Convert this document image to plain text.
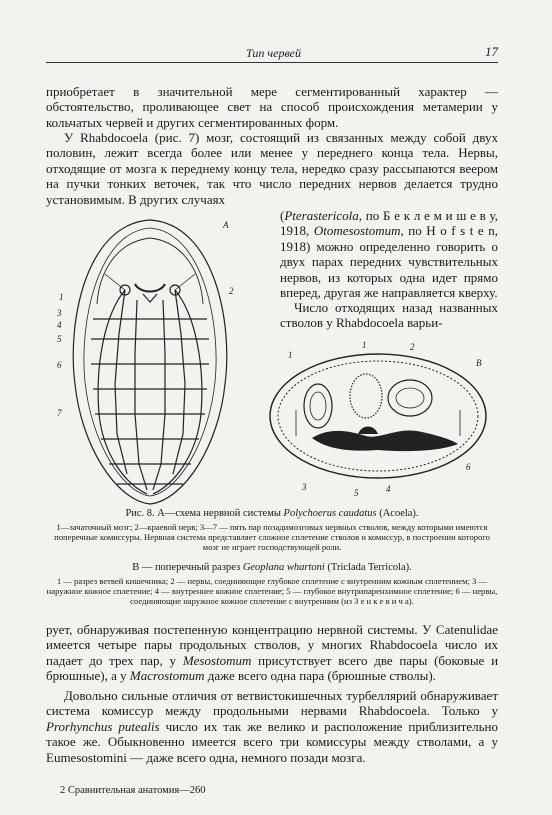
Тип червей	17

приобретает в значительной мере сегментированный характер — обстоятельство, проливающее свет на способ происхождения метамерии у кольчатых червей и других сегментированных форм.

У Rhabdocoela (рис. 7) мозг, состоящий из связанных между собой двух половин, лежит всегда более или менее у переднего конца тела. Нервы, отходящие от мозга к переднему концу тела, нередко сразу рассыпаются веером на пучки тонких веточек, так что число передних нервов делается трудно установимым. В других случаях

(Pterastericola, по Б е к л е м и ш е в у, 1918, Otomesostomum, по H o f s t e n, 1918) можно определенно говорить о двух парах передних чувствительных нервов, из которых одна идет прямо вперед, другая же направляется кверху.

Число отходящих назад названных стволов у Rhabdocoela варьи-

А
1
2
3
4
5
6
7
В
1
1	2
3	4
5
6

Рис. 8. А—схема нервной системы Polychoerus caudatus (Acoela).

1—зачаточный мозг; 2—краевой нерв; 3—7 — пять пар позадимозговых нервных стволов, между которыми имеются поперечные комиссуры. Нервная система представляет сложное сплетение стволов и комиссур, в построении которого мозг не играет господствующей роли.

В — поперечный разрез Geoplana whartoni (Triclada Terricola).

1 — разрез ветвей кишечника; 2 — нервы, соединяющие глубокое сплетение с внутренним кожным сплетением; 3 — наружное кожное сплетение; 4 — внутреннее кожное сплетение; 5 — глубокое внутрипаренхимное сплетение; 6 — нервы, соединяющие наружное кожное сплетение с внутренним (из З е н к е в и ч а).

рует, обнаруживая постепенную концентрацию нервной системы. У Catenulidae имеется четыре пары продольных стволов, у многих Rhabdocoela число их падает до трех пар, у Mesostomum присутствует всего две пары (боковые и брюшные), а у Macrostomum даже всего одна пара (брюшные стволы).

Довольно сильные отличия от ветвистокишечных турбеллярий обнаруживает система комиссур между продольными нервами Rhabdocoela. Только у Prorhynchus putealis число их так же велико и расположение приблизительно такое же. Обыкновенно имеется всего три комиссуры между стволами, а у Eumesostomini — даже всего одна, немного позади мозга.

2 Сравнительная анатомия—260
